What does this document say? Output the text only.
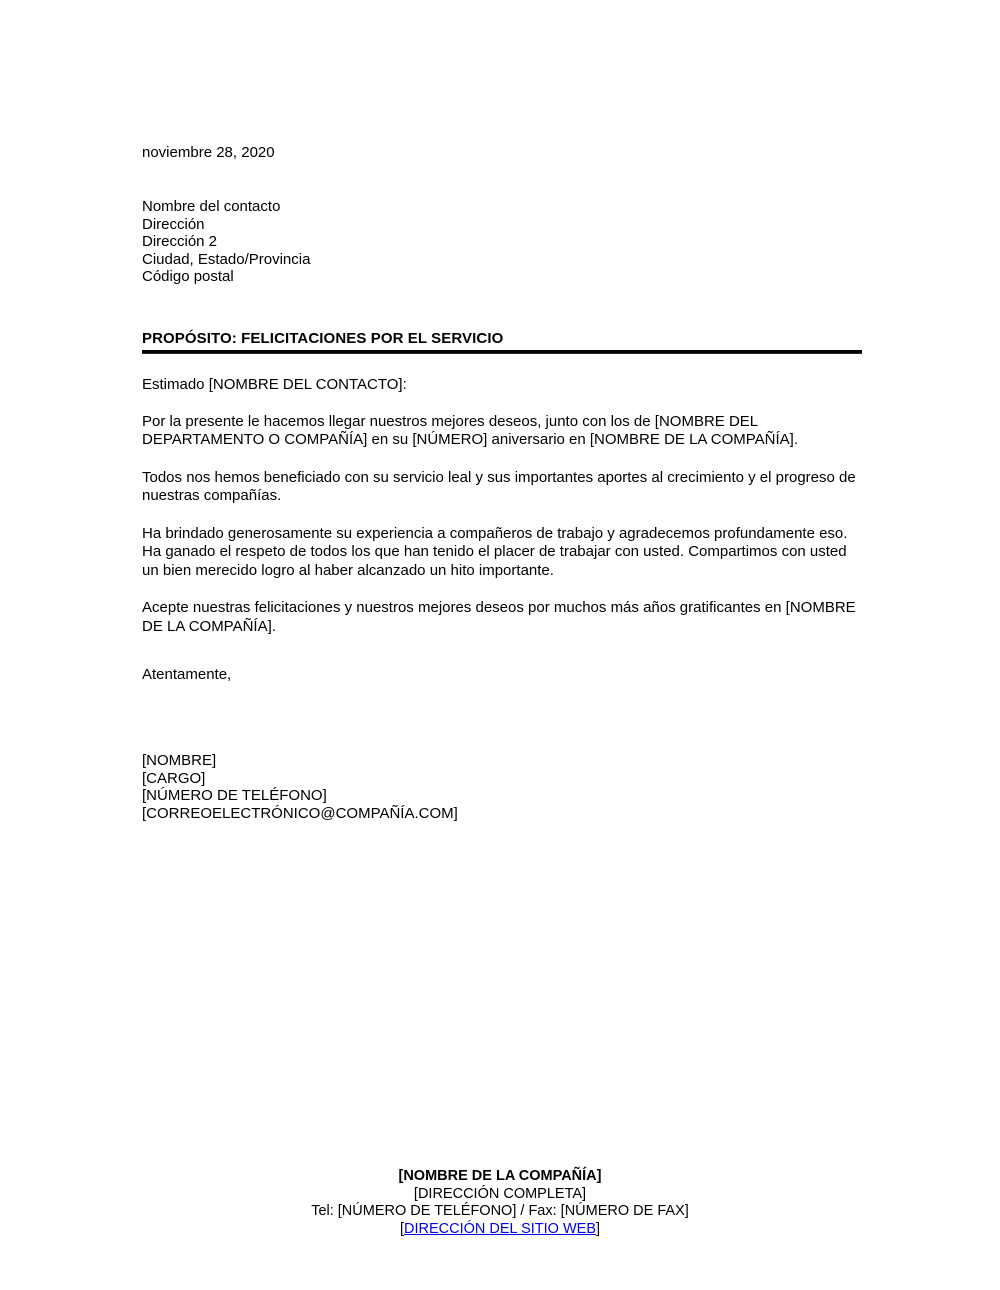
noviembre 28, 2020
Nombre del contacto
Dirección
Dirección 2
Ciudad, Estado/Provincia
Código postal
PROPÓSITO: FELICITACIONES POR EL SERVICIO
Estimado [NOMBRE DEL CONTACTO]:

Por la presente le hacemos llegar nuestros mejores deseos, junto con los de [NOMBRE DEL DEPARTAMENTO O COMPAÑÍA] en su [NÚMERO] aniversario en [NOMBRE DE LA COMPAÑÍA].

Todos nos hemos beneficiado con su servicio leal y sus importantes aportes al crecimiento y el progreso de nuestras compañías.

Ha brindado generosamente su experiencia a compañeros de trabajo y agradecemos profundamente eso. Ha ganado el respeto de todos los que han tenido el placer de trabajar con usted. Compartimos con usted un bien merecido logro al haber alcanzado un hito importante.

Acepte nuestras felicitaciones y nuestros mejores deseos por muchos más años gratificantes en [NOMBRE DE LA COMPAÑÍA].

Atentamente,
[NOMBRE]
[CARGO]
[NÚMERO DE TELÉFONO]
[CORREOELECTRÓNICO@COMPAÑÍA.COM]
[NOMBRE DE LA COMPAÑÍA]
[DIRECCIÓN COMPLETA]
Tel: [NÚMERO DE TELÉFONO] / Fax: [NÚMERO DE FAX]
[DIRECCIÓN DEL SITIO WEB]
